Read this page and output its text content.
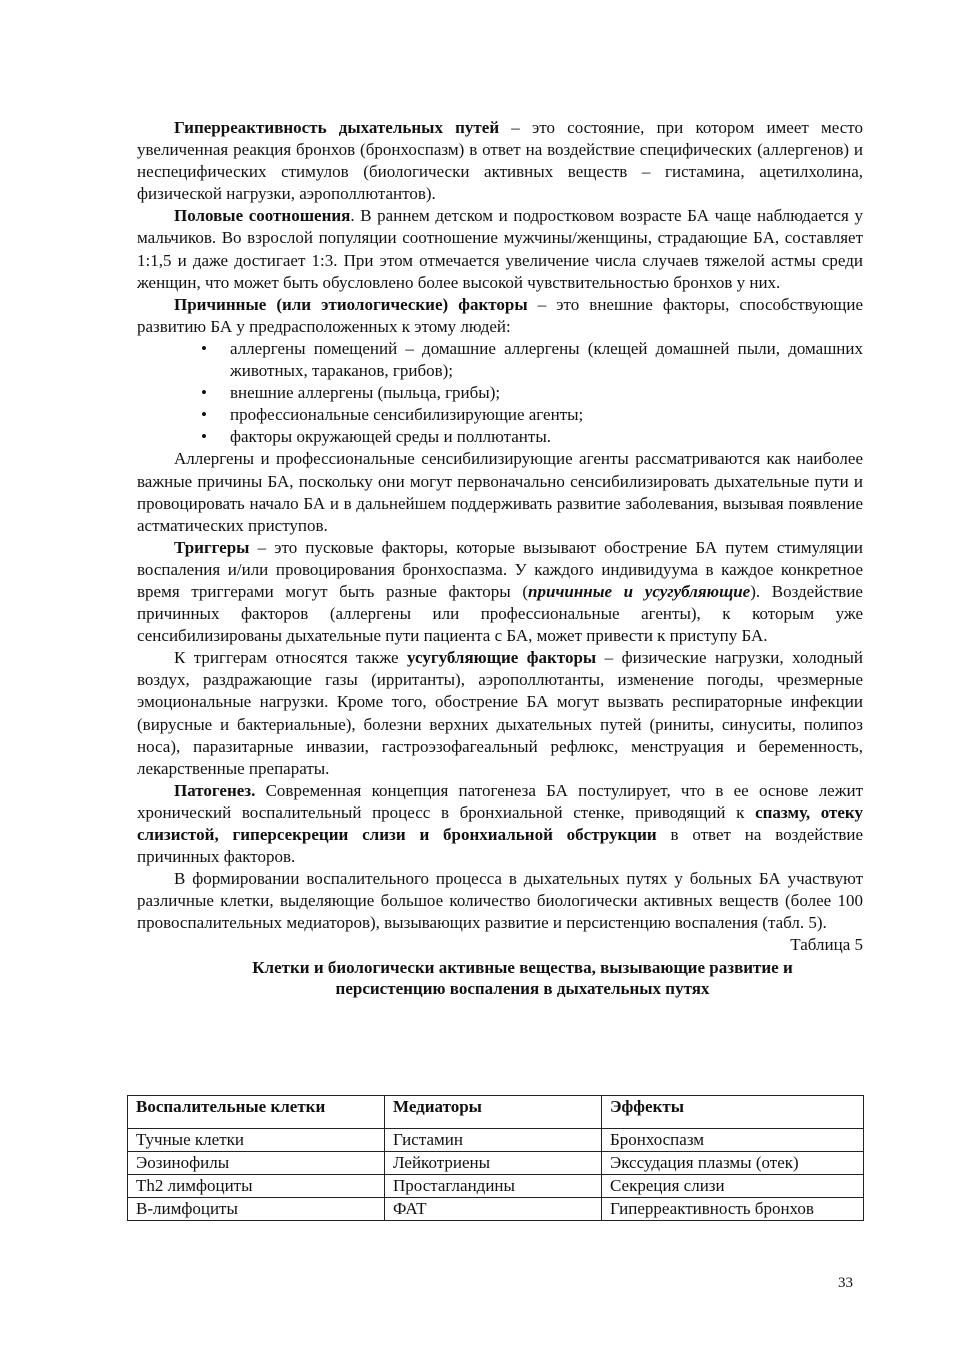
Гиперреактивность дыхательных путей – это состояние, при котором имеет место увеличенная реакция бронхов (бронхоспазм) в ответ на воздействие специфических (аллергенов) и неспецифических стимулов (биологически активных веществ – гистамина, ацетилхолина, физической нагрузки, аэрополлютантов).

Половые соотношения. В раннем детском и подростковом возрасте БА чаще наблюдается у мальчиков. Во взрослой популяции соотношение мужчины/женщины, страдающие БА, составляет 1:1,5 и даже достигает 1:3. При этом отмечается увеличение числа случаев тяжелой астмы среди женщин, что может быть обусловлено более высокой чувствительностью бронхов у них.

Причинные (или этиологические) факторы – это внешние факторы, способствующие развитию БА у предрасположенных к этому людей:

• аллергены помещений – домашние аллергены (клещей домашней пыли, домашних животных, тараканов, грибов);
• внешние аллергены (пыльца, грибы);
• профессиональные сенсибилизирующие агенты;
• факторы окружающей среды и поллютанты.

Аллергены и профессиональные сенсибилизирующие агенты рассматриваются как наиболее важные причины БА, поскольку они могут первоначально сенсибилизировать дыхательные пути и провоцировать начало БА и в дальнейшем поддерживать развитие заболевания, вызывая появление астматических приступов.

Триггеры – это пусковые факторы, которые вызывают обострение БА путем стимуляции воспаления и/или провоцирования бронхоспазма. У каждого индивидуума в каждое конкретное время триггерами могут быть разные факторы (причинные и усугубляющие). Воздействие причинных факторов (аллергены или профессиональные агенты), к которым уже сенсибилизированы дыхательные пути пациента с БА, может привести к приступу БА.

К триггерам относятся также усугубляющие факторы – физические нагрузки, холодный воздух, раздражающие газы (ирританты), аэрополлютанты, изменение погоды, чрезмерные эмоциональные нагрузки. Кроме того, обострение БА могут вызвать респираторные инфекции (вирусные и бактериальные), болезни верхних дыхательных путей (риниты, синуситы, полипоз носа), паразитарные инвазии, гастроэзофагеальный рефлюкс, менструация и беременность, лекарственные препараты.

Патогенез. Современная концепция патогенеза БА постулирует, что в ее основе лежит хронический воспалительный процесс в бронхиальной стенке, приводящий к спазму, отеку слизистой, гиперсекреции слизи и бронхиальной обструкции в ответ на воздействие причинных факторов.

В формировании воспалительного процесса в дыхательных путях у больных БА участвуют различные клетки, выделяющие большое количество биологически активных веществ (более 100 провоспалительных медиаторов), вызывающих развитие и персистенцию воспаления (табл. 5).

Таблица 5
Клетки и биологически активные вещества, вызывающие развитие и
персистенцию воспаления в дыхательных путях
Воспалительные клетки	Медиаторы	Эффекты
Тучные клетки	Гистамин	Бронхоспазм
Эозинофилы	Лейкотриены	Экссудация плазмы (отек)
Th2 лимфоциты	Простагландины	Секреция слизи
В-лимфоциты	ФАТ	Гиперреактивность бронхов
33
